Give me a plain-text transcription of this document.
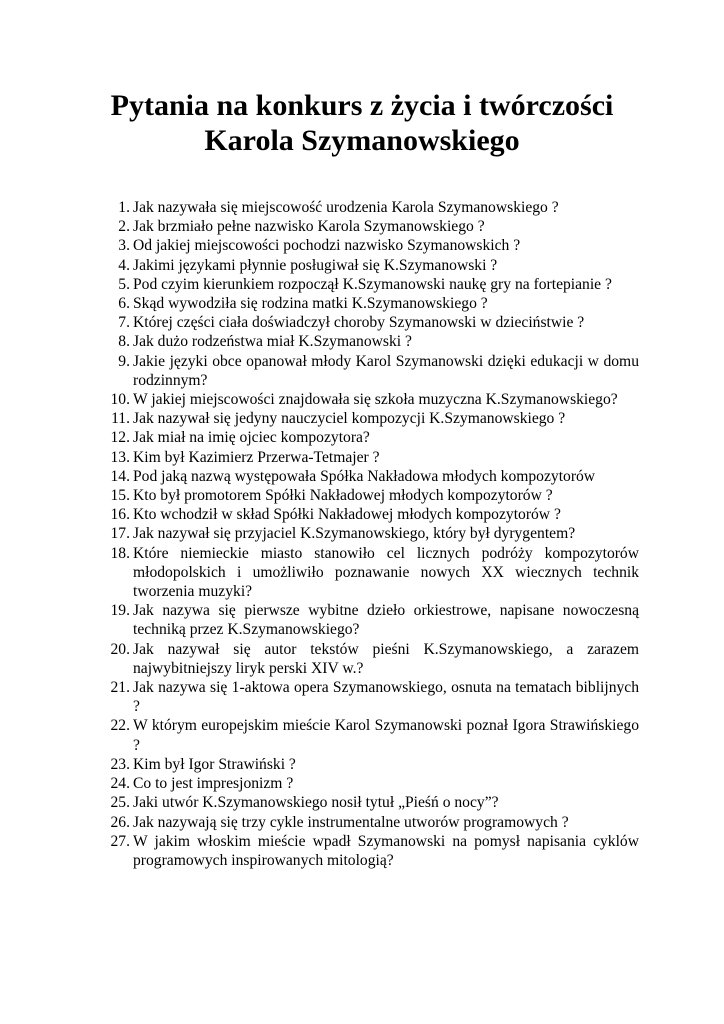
Pytania na konkurs z życia i twórczości
Karola Szymanowskiego
1. Jak nazywała się miejscowość urodzenia Karola Szymanowskiego ?
2. Jak brzmiało pełne nazwisko Karola Szymanowskiego ?
3. Od jakiej miejscowości pochodzi nazwisko Szymanowskich ?
4. Jakimi językami płynnie posługiwał się K.Szymanowski ?
5. Pod czyim kierunkiem rozpoczął K.Szymanowski naukę gry na fortepianie ?
6. Skąd wywodziła się rodzina matki K.Szymanowskiego ?
7. Której części ciała doświadczył choroby Szymanowski w dzieciństwie ?
8. Jak dużo rodzeństwa miał K.Szymanowski ?
9. Jakie języki obce opanował młody Karol Szymanowski dzięki edukacji w domu rodzinnym?
10. W jakiej miejscowości znajdowała się szkoła muzyczna K.Szymanowskiego?
11. Jak nazywał się jedyny nauczyciel kompozycji K.Szymanowskiego ?
12. Jak miał na imię ojciec kompozytora?
13. Kim był Kazimierz Przerwa-Tetmajer ?
14. Pod jaką nazwą występowała Spółka Nakładowa młodych kompozytorów
15. Kto był promotorem Spółki Nakładowej młodych kompozytorów ?
16. Kto wchodził w skład Spółki Nakładowej młodych kompozytorów ?
17. Jak nazywał się przyjaciel K.Szymanowskiego, który był dyrygentem?
18. Które niemieckie miasto stanowiło cel licznych podróży kompozytorów młodopolskich i umożliwiło poznawanie nowych XX wiecznych technik tworzenia muzyki?
19. Jak nazywa się pierwsze wybitne dzieło orkiestrowe, napisane nowoczesną techniką przez K.Szymanowskiego?
20. Jak nazywał się autor tekstów pieśni K.Szymanowskiego, a zarazem najwybitniejszy liryk perski XIV w.?
21. Jak nazywa się 1-aktowa opera Szymanowskiego, osnuta na tematach biblijnych ?
22. W którym europejskim mieście Karol Szymanowski poznał Igora Strawińskiego ?
23. Kim był Igor Strawiński ?
24. Co to jest impresjonizm ?
25. Jaki utwór K.Szymanowskiego nosił tytuł „Pieśń o nocy”?
26. Jak nazywają się trzy cykle instrumentalne utworów programowych ?
27. W jakim włoskim mieście wpadł Szymanowski na pomysł napisania cyklów programowych inspirowanych mitologią?
